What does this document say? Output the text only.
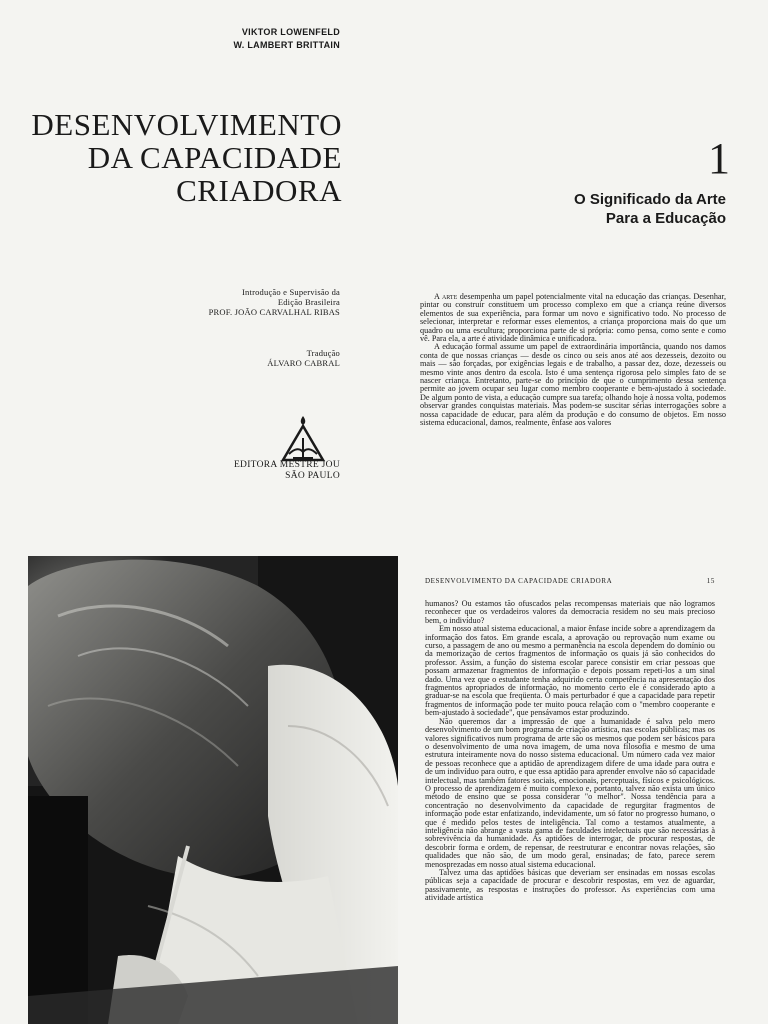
VIKTOR LOWENFELD
W. LAMBERT BRITTAIN
DESENVOLVIMENTO
DA CAPACIDADE
CRIADORA
1
O Significado da Arte
Para a Educação
Introdução e Supervisão da
Edição Brasileira
PROF. JOÃO CARVALHAL RIBAS
Tradução
ÁLVARO CABRAL
EDITORA MESTRE JOU
SÃO PAULO

A arte desempenha um papel potencialmente vital na educação das crianças. Desenhar, pintar ou construir constituem um processo complexo em que a criança reúne diversos elementos de sua experiência, para formar um novo e significativo todo. No processo de selecionar, interpretar e reformar esses elementos, a criança proporciona mais do que um quadro ou uma escultura; proporciona parte de si própria: como pensa, como sente e como vê. Para ela, a arte é atividade dinâmica e unificadora.

A educação formal assume um papel de extraordinária importância, quando nos damos conta de que nossas crianças — desde os cinco ou seis anos até aos dezesseis, dezoito ou mais — são forçadas, por exigências legais e de trabalho, a passar dez, doze, dezesseis ou mesmo vinte anos dentro da escola. Isto é uma sentença rigorosa pelo simples fato de se nascer criança. Entretanto, parte-se do princípio de que o cumprimento dessa sentença permite ao jovem ocupar seu lugar como membro cooperante e bem-ajustado à sociedade. De algum ponto de vista, a educação cumpre sua tarefa; olhando hoje à nossa volta, podemos observar grandes conquistas materiais. Mas podem-se suscitar sérias interrogações sobre a nossa capacidade de educar, para além da produção e do consumo de objetos. Em nosso sistema educacional, damos, realmente, ênfase aos valores

DESENVOLVIMENTO DA CAPACIDADE CRIADORA	15

humanos? Ou estamos tão ofuscados pelas recompensas materiais que não logramos reconhecer que os verdadeiros valores da democracia residem no seu mais precioso bem, o indivíduo?

Em nosso atual sistema educacional, a maior ênfase incide sobre a aprendizagem da informação dos fatos. Em grande escala, a aprovação ou reprovação num exame ou curso, a passagem de ano ou mesmo a permanência na escola dependem do domínio ou da memorização de certos fragmentos de informação os quais já são conhecidos do professor. Assim, a função do sistema escolar parece consistir em criar pessoas que possam armazenar fragmentos de informação e depois possam repeti-los a um sinal dado. Uma vez que o estudante tenha adquirido certa competência na apresentação dos fragmentos apropriados de informação, no momento certo ele é considerado apto a graduar-se na escola que freqüenta. O mais perturbador é que a capacidade para repetir fragmentos de informação pode ter muito pouca relação com o "membro cooperante e bem-ajustado à sociedade", que pensávamos estar produzindo.

Não queremos dar a impressão de que a humanidade é salva pelo mero desenvolvimento de um bom programa de criação artística, nas escolas públicas; mas os valores significativos num programa de arte são os mesmos que podem ser básicos para o desenvolvimento de uma nova imagem, de uma nova filosofia e mesmo de uma estrutura inteiramente nova do nosso sistema educacional. Um número cada vez maior de pessoas reconhece que a aptidão de aprendizagem difere de uma idade para outra e de um indivíduo para outro, e que essa aptidão para aprender envolve não só capacidade intelectual, mas também fatores sociais, emocionais, perceptuais, físicos e psicológicos. O processo de aprendizagem é muito complexo e, portanto, talvez não exista um único método de ensino que se possa considerar "o melhor". Nossa tendência para a concentração no desenvolvimento da capacidade de regurgitar fragmentos de informação pode estar enfatizando, indevidamente, um só fator no progresso humano, o que é medido pelos testes de inteligência. Tal como a testamos atualmente, a inteligência não abrange a vasta gama de faculdades intelectuais que são necessárias à sobrevivência da humanidade. As aptidões de interrogar, de procurar respostas, de descobrir forma e ordem, de repensar, de reestruturar e encontrar novas relações, são qualidades que não são, de um modo geral, ensinadas; de fato, parece serem menosprezadas em nosso atual sistema educacional.

Talvez uma das aptidões básicas que deveriam ser ensinadas em nossas escolas públicas seja a capacidade de procurar e descobrir respostas, em vez de aguardar, passivamente, as respostas e instruções do professor. As experiências com uma atividade artística
